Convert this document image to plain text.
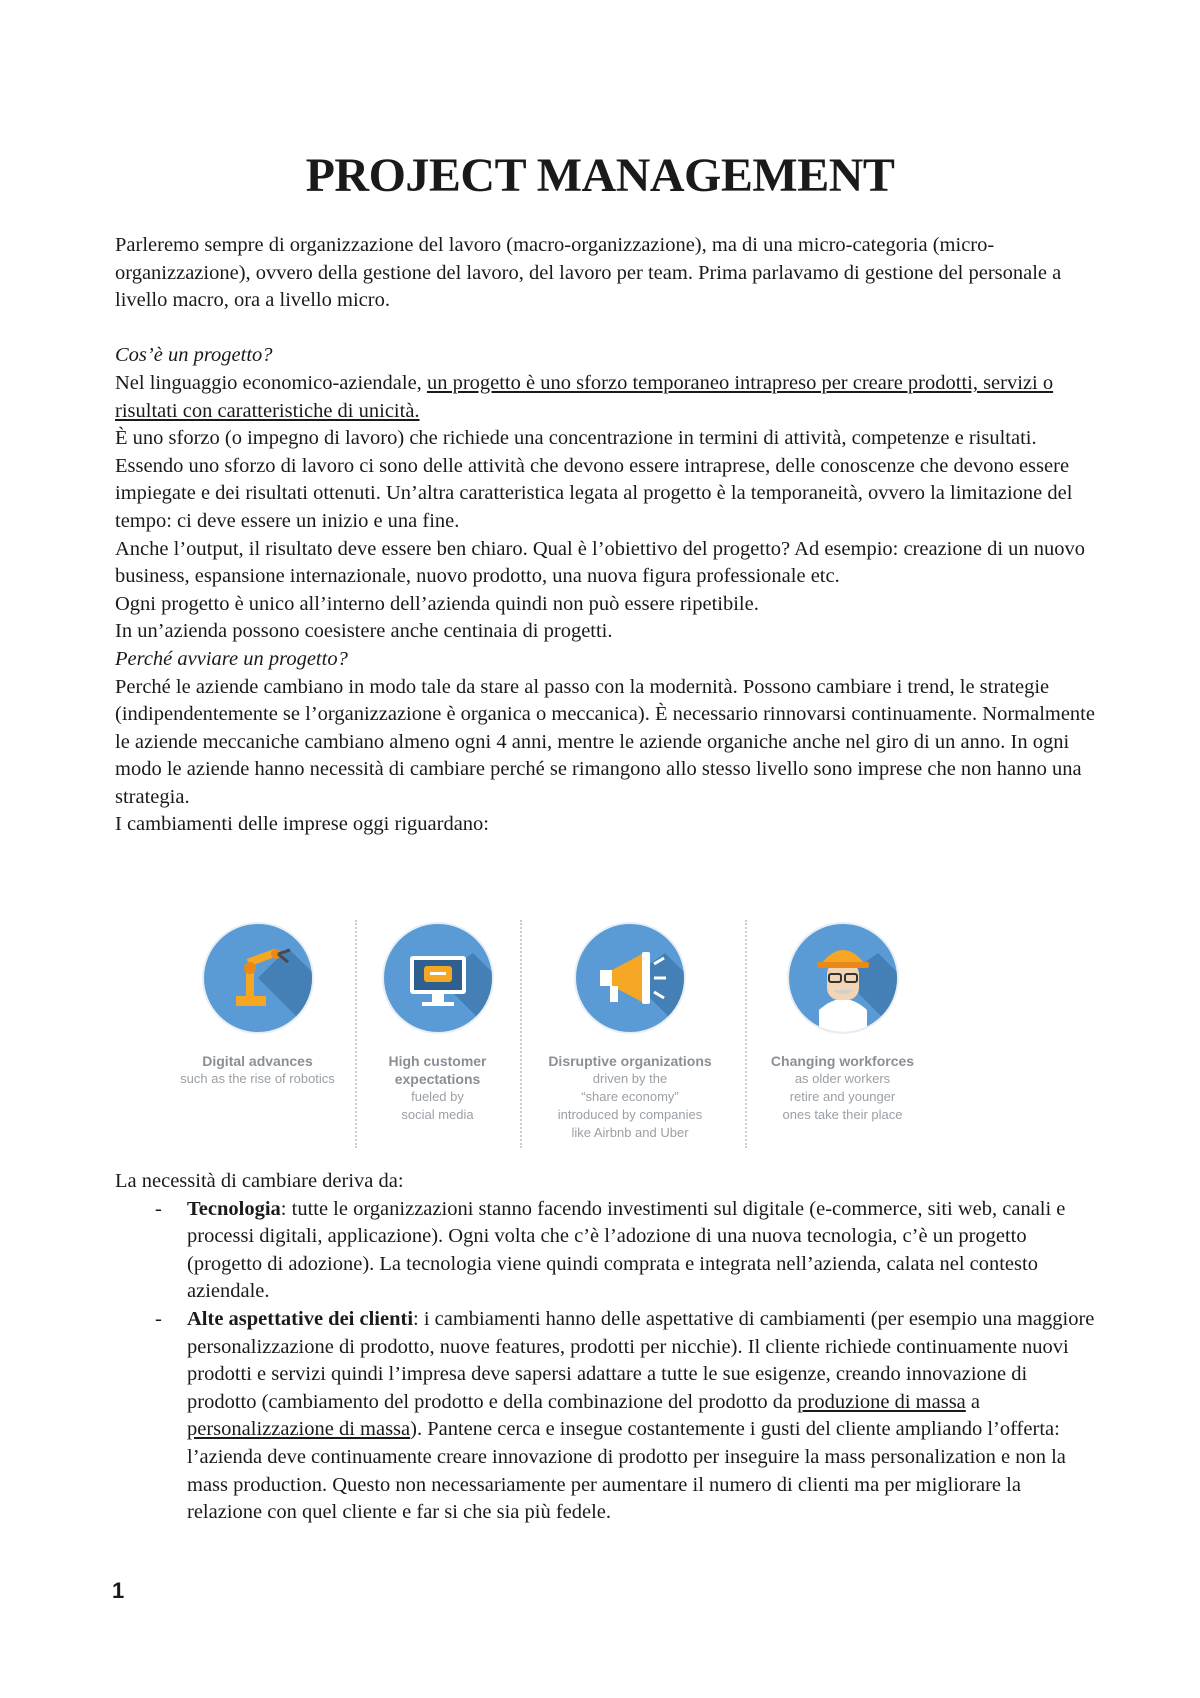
PROJECT MANAGEMENT

Parleremo sempre di organizzazione del lavoro (macro-organizzazione), ma di una micro-categoria (micro-organizzazione), ovvero della gestione del lavoro, del lavoro per team. Prima parlavamo di gestione del personale a livello macro, ora a livello micro.

Cos’è un progetto?

Nel linguaggio economico-aziendale, un progetto è uno sforzo temporaneo intrapreso per creare prodotti, servizi o risultati con caratteristiche di unicità.

È uno sforzo (o impegno di lavoro) che richiede una concentrazione in termini di attività, competenze e risultati. Essendo uno sforzo di lavoro ci sono delle attività che devono essere intraprese, delle conoscenze che devono essere impiegate e dei risultati ottenuti. Un’altra caratteristica legata al progetto è la temporaneità, ovvero la limitazione del tempo: ci deve essere un inizio e una fine.

Anche l’output, il risultato deve essere ben chiaro. Qual è l’obiettivo del progetto? Ad esempio: creazione di un nuovo business, espansione internazionale, nuovo prodotto, una nuova figura professionale etc.

Ogni progetto è unico all’interno dell’azienda quindi non può essere ripetibile.

In un’azienda possono coesistere anche centinaia di progetti.

Perché avviare un progetto?

Perché le aziende cambiano in modo tale da stare al passo con la modernità. Possono cambiare i trend, le strategie (indipendentemente se l’organizzazione è organica o meccanica). È necessario rinnovarsi continuamente. Normalmente le aziende meccaniche cambiano almeno ogni 4 anni, mentre le aziende organiche anche nel giro di un anno. In ogni modo le aziende hanno necessità di cambiare perché se rimangono allo stesso livello sono imprese che non hanno una strategia.

I cambiamenti delle imprese oggi riguardano:

Digital advances
such as the rise of robotics
High customer
expectations
fueled by
social media
Disruptive organizations
driven by the
“share economy”
introduced by companies
like Airbnb and Uber
Changing workforces
as older workers
retire and younger
ones take their place

La necessità di cambiare deriva da:

- Tecnologia: tutte le organizzazioni stanno facendo investimenti sul digitale (e-commerce, siti web, canali e processi digitali, applicazione). Ogni volta che c’è l’adozione di una nuova tecnologia, c’è un progetto (progetto di adozione). La tecnologia viene quindi comprata e integrata nell’azienda, calata nel contesto aziendale.

- Alte aspettative dei clienti: i cambiamenti hanno delle aspettative di cambiamenti (per esempio una maggiore personalizzazione di prodotto, nuove features, prodotti per nicchie). Il cliente richiede continuamente nuovi prodotti e servizi quindi l’impresa deve sapersi adattare a tutte le sue esigenze, creando innovazione di prodotto (cambiamento del prodotto e della combinazione del prodotto da produzione di massa a personalizzazione di massa). Pantene cerca e insegue costantemente i gusti del cliente ampliando l’offerta: l’azienda deve continuamente creare innovazione di prodotto per inseguire la mass personalization e non la mass production. Questo non necessariamente per aumentare il numero di clienti ma per migliorare la relazione con quel cliente e far si che sia più fedele.

1
